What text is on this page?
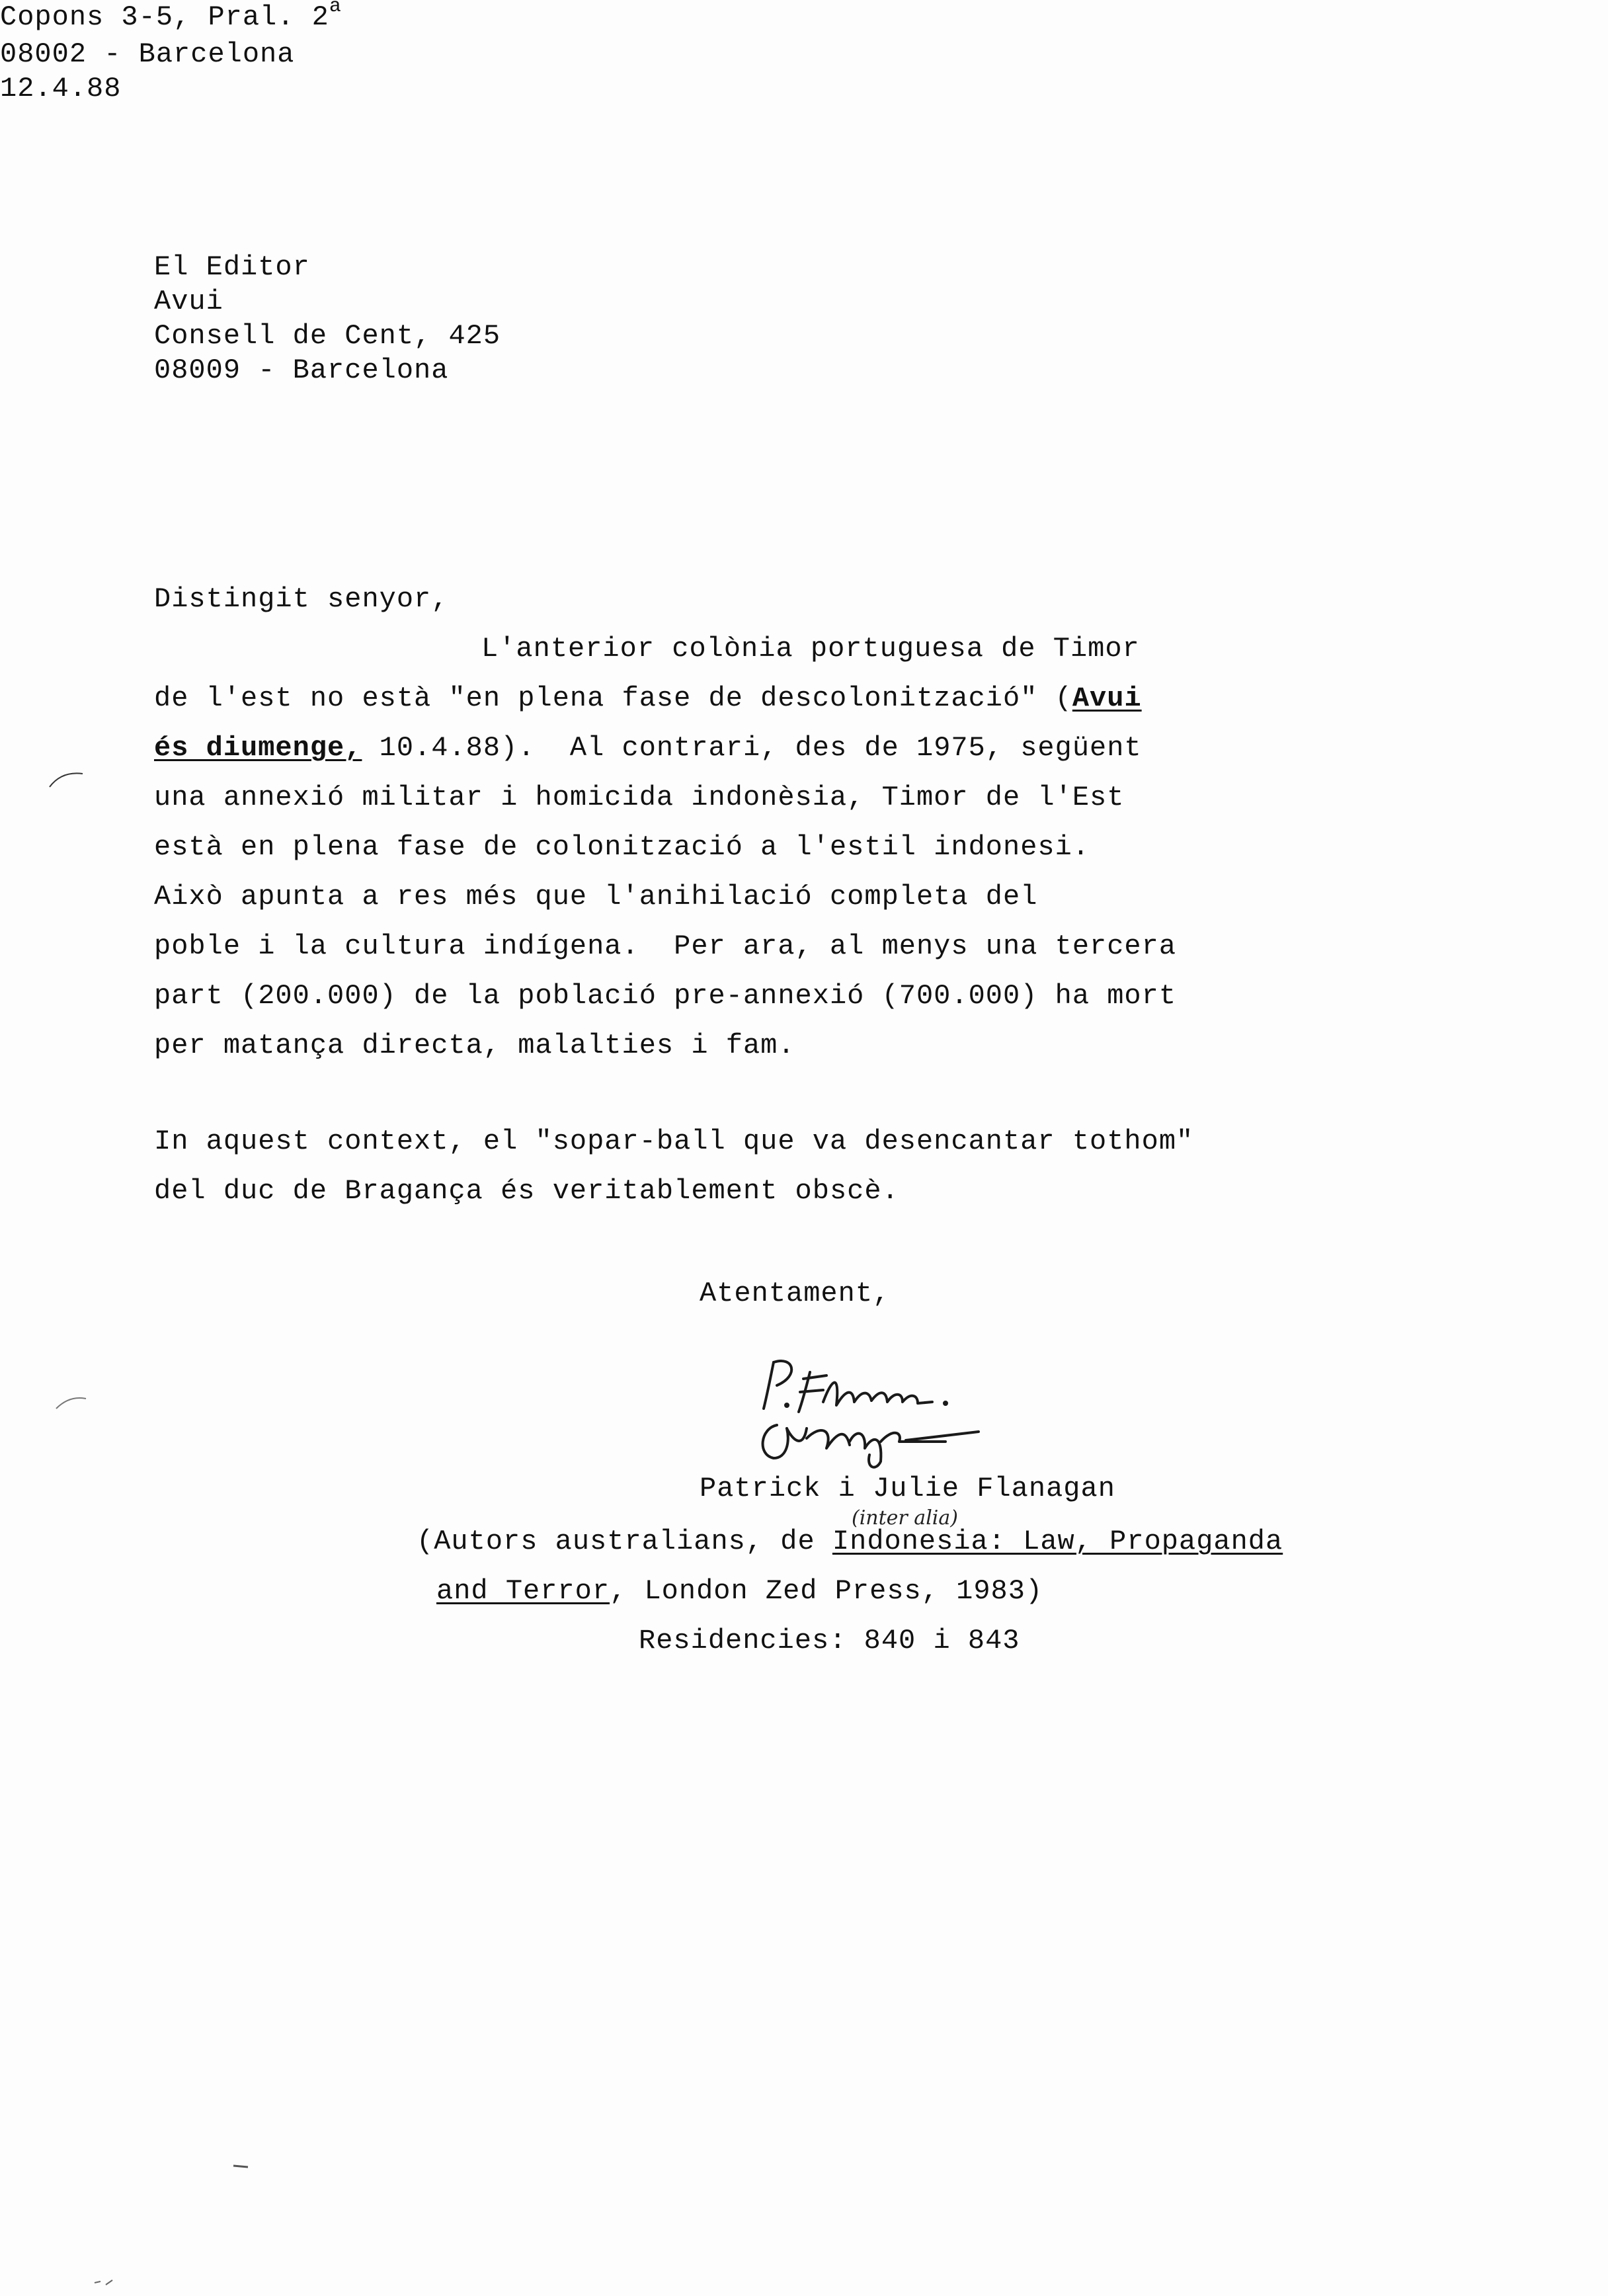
Copons 3-5, Pral. 2$^a$
08002 - Barcelona
12.4.88
El Editor
Avui
Consell de Cent, 425
08009 - Barcelona
Distingit senyor,
L'anterior colònia portuguesa de Timor
de l'est no està "en plena fase de descolonització" (Avui
és diumenge, 10.4.88).  Al contrari, des de 1975, següent
una annexió militar i homicida indonèsia, Timor de l'Est
està en plena fase de colonització a l'estil indonesi.
Això apunta a res més que l'anihilació completa del
poble i la cultura indígena.  Per ara, al menys una tercera
part (200.000) de la població pre-annexió (700.000) ha mort
per matança directa, malalties i fam.
In aquest context, el "sopar-ball que va desencantar tothom"
del duc de Bragança és veritablement obscè.
Atentament,
Patrick i Julie Flanagan
(inter alia)
(Autors australians, de Indonesia: Law, Propaganda
and Terror, London Zed Press, 1983)
Residencies: 840 i 843
